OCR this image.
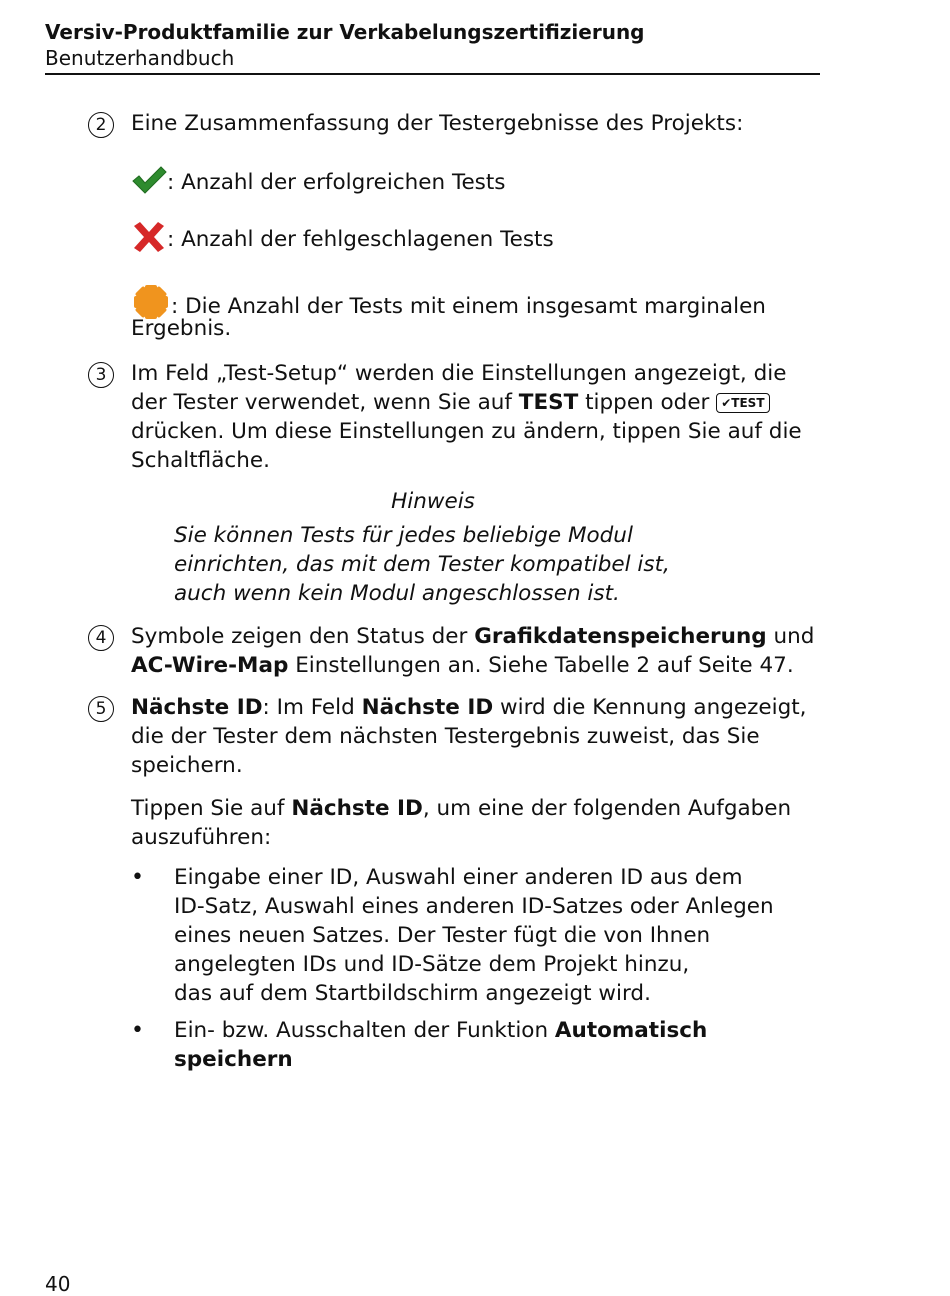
Versiv-Produktfamilie zur Verkabelungszertifizierung
Benutzerhandbuch
2	Eine Zusammenfassung der Testergebnisse des Projekts:
: Anzahl der erfolgreichen Tests
: Anzahl der fehlgeschlagenen Tests
: Die Anzahl der Tests mit einem insgesamt marginalen
Ergebnis.
3	Im Feld „Test-Setup“ werden die Einstellungen angezeigt, die
der Tester verwendet, wenn Sie auf TEST tippen oder ✔TEST
drücken. Um diese Einstellungen zu ändern, tippen Sie auf die
Schaltfläche.
Hinweis
Sie können Tests für jedes beliebige Modul
einrichten, das mit dem Tester kompatibel ist,
auch wenn kein Modul angeschlossen ist.
4	Symbole zeigen den Status der Grafikdatenspeicherung und
AC-Wire-Map Einstellungen an. Siehe Tabelle 2 auf Seite 47.
5	Nächste ID: Im Feld Nächste ID wird die Kennung angezeigt,
die der Tester dem nächsten Testergebnis zuweist, das Sie
speichern.
Tippen Sie auf Nächste ID, um eine der folgenden Aufgaben
auszuführen:
• Eingabe einer ID, Auswahl einer anderen ID aus dem
ID-Satz, Auswahl eines anderen ID-Satzes oder Anlegen
eines neuen Satzes. Der Tester fügt die von Ihnen
angelegten IDs und ID-Sätze dem Projekt hinzu,
das auf dem Startbildschirm angezeigt wird.
• Ein- bzw. Ausschalten der Funktion Automatisch
speichern
40
